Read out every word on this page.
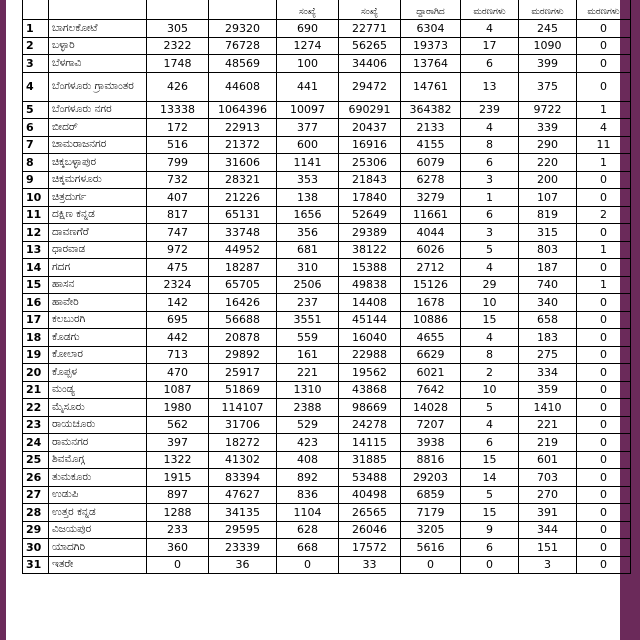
				ಸಂಖ್ಯೆ	ಸಂಖ್ಯೆ	ದ್ದಾರಾಗಿದ	ಮರಣಗಳು	ಮರಣಗಳು	ಮರಣಗಳು
1	ಬಾಗಲಕೋಟೆ	305	29320	690	22771	6304	4	245	0
2	ಬಳ್ಳಾರಿ	2322	76728	1274	56265	19373	17	1090	0
3	ಬೆಳಗಾವಿ	1748	48569	100	34406	13764	6	399	0
4	ಬೆಂಗಳೂರು ಗ್ರಾಮಾಂತರ	426	44608	441	29472	14761	13	375	0
5	ಬೆಂಗಳೂರು ನಗರ	13338	1064396	10097	690291	364382	239	9722	1
6	ಬೀದರ್	172	22913	377	20437	2133	4	339	4
7	ಚಾಮರಾಜನಗರ	516	21372	600	16916	4155	8	290	11
8	ಚಿಕ್ಕಬಳ್ಳಾಪುರ	799	31606	1141	25306	6079	6	220	1
9	ಚಿಕ್ಕಮಗಳೂರು	732	28321	353	21843	6278	3	200	0
10	ಚಿತ್ರದುರ್ಗ	407	21226	138	17840	3279	1	107	0
11	ದಕ್ಷಿಣ ಕನ್ನಡ	817	65131	1656	52649	11661	6	819	2
12	ದಾವಣಗೆರೆ	747	33748	356	29389	4044	3	315	0
13	ಧಾರವಾಡ	972	44952	681	38122	6026	5	803	1
14	ಗದಗ	475	18287	310	15388	2712	4	187	0
15	ಹಾಸನ	2324	65705	2506	49838	15126	29	740	1
16	ಹಾವೇರಿ	142	16426	237	14408	1678	10	340	0
17	ಕಲಬುರಗಿ	695	56688	3551	45144	10886	15	658	0
18	ಕೊಡಗು	442	20878	559	16040	4655	4	183	0
19	ಕೋಲಾರ	713	29892	161	22988	6629	8	275	0
20	ಕೊಪ್ಪಳ	470	25917	221	19562	6021	2	334	0
21	ಮಂಡ್ಯ	1087	51869	1310	43868	7642	10	359	0
22	ಮೈಸೂರು	1980	114107	2388	98669	14028	5	1410	0
23	ರಾಯಚೂರು	562	31706	529	24278	7207	4	221	0
24	ರಾಮನಗರ	397	18272	423	14115	3938	6	219	0
25	ಶಿವಮೊಗ್ಗ	1322	41302	408	31885	8816	15	601	0
26	ತುಮಕೂರು	1915	83394	892	53488	29203	14	703	0
27	ಉಡುಪಿ	897	47627	836	40498	6859	5	270	0
28	ಉತ್ತರ ಕನ್ನಡ	1288	34135	1104	26565	7179	15	391	0
29	ವಿಜಯಪುರ	233	29595	628	26046	3205	9	344	0
30	ಯಾದಗಿರಿ	360	23339	668	17572	5616	6	151	0
31	ಇತರೇ	0	36	0	33	0	0	3	0
